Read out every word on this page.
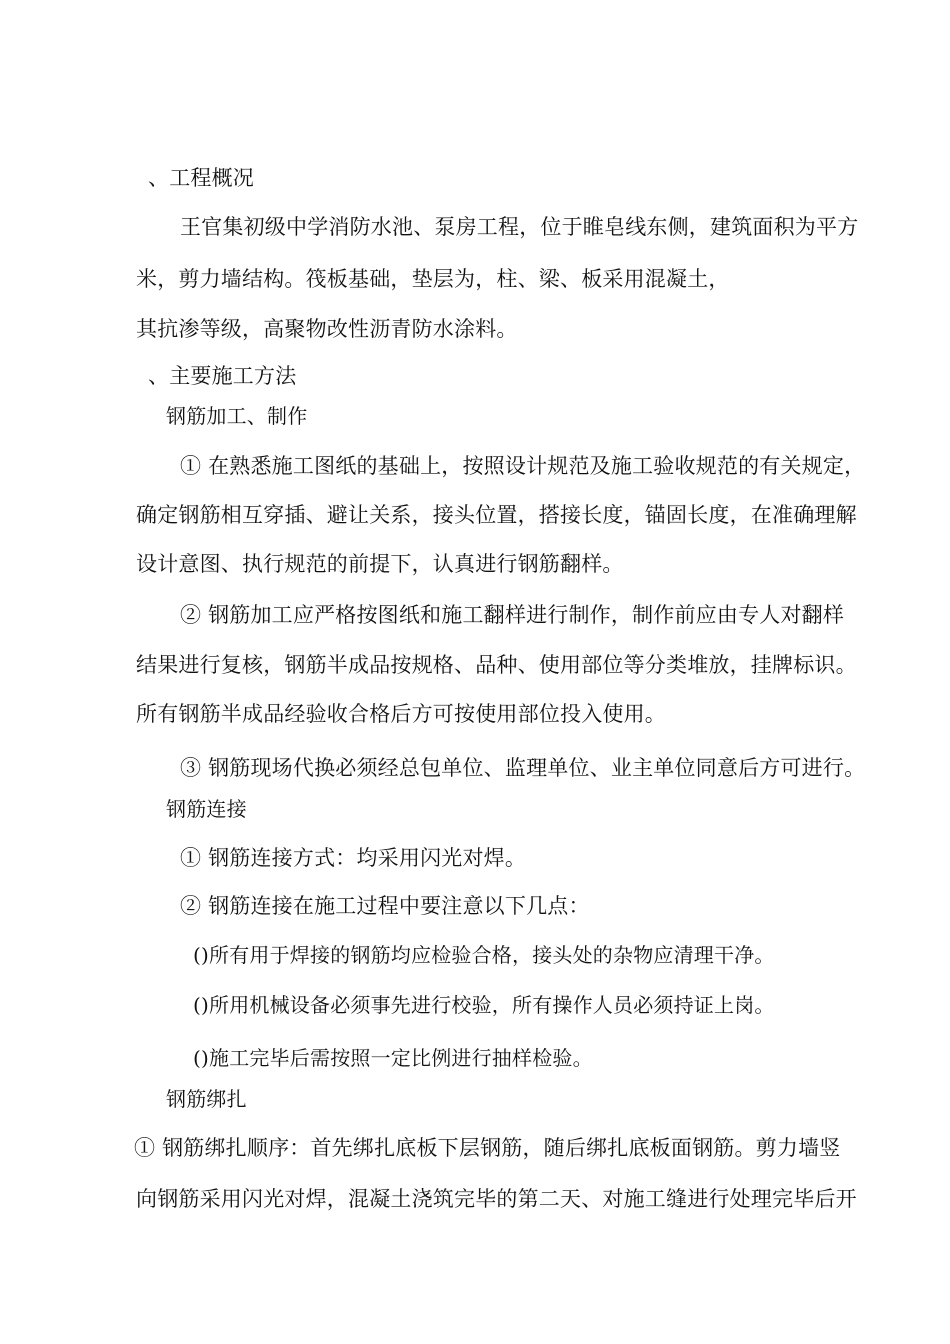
、工程概况

王官集初级中学消防水池、泵房工程，位于睢皂线东侧，建筑面积为平方

米，剪力墙结构。筏板基础，垫层为，柱、梁、板采用混凝土，

其抗渗等级，高聚物改性沥青防水涂料。

、主要施工方法

钢筋加工、制作

① 在熟悉施工图纸的基础上，按照设计规范及施工验收规范的有关规定，

确定钢筋相互穿插、避让关系，接头位置，搭接长度，锚固长度，在准确理解

设计意图、执行规范的前提下，认真进行钢筋翻样。

② 钢筋加工应严格按图纸和施工翻样进行制作，制作前应由专人对翻样

结果进行复核，钢筋半成品按规格、品种、使用部位等分类堆放，挂牌标识。

所有钢筋半成品经验收合格后方可按使用部位投入使用。

③ 钢筋现场代换必须经总包单位、监理单位、业主单位同意后方可进行。

钢筋连接

① 钢筋连接方式：均采用闪光对焊。

② 钢筋连接在施工过程中要注意以下几点：

()所有用于焊接的钢筋均应检验合格，接头处的杂物应清理干净。

()所用机械设备必须事先进行校验，所有操作人员必须持证上岗。

()施工完毕后需按照一定比例进行抽样检验。

钢筋绑扎

① 钢筋绑扎顺序：首先绑扎底板下层钢筋，随后绑扎底板面钢筋。剪力墙竖

向钢筋采用闪光对焊，混凝土浇筑完毕的第二天、对施工缝进行处理完毕后开
